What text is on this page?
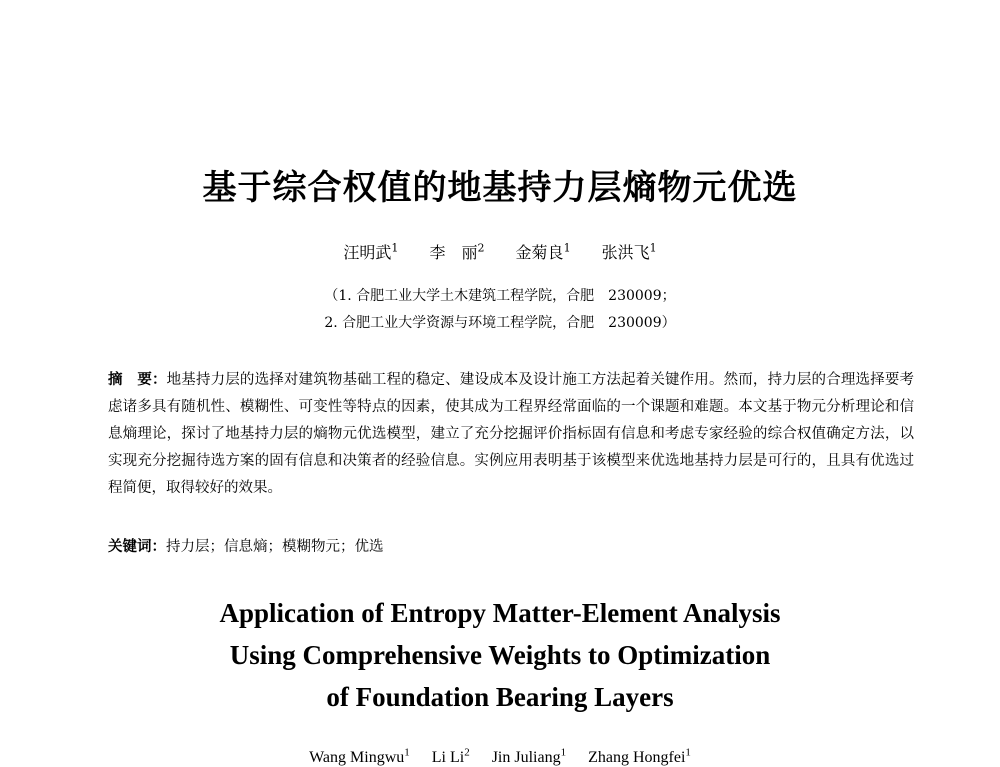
基于综合权值的地基持力层熵物元优选
汪明武$^1$ 李　丽$^2$ 金菊良$^1$ 张洪飞$^1$
（1. 合肥工业大学土木建筑工程学院，合肥　230009；
2. 合肥工业大学资源与环境工程学院，合肥　230009）
摘　要：地基持力层的选择对建筑物基础工程的稳定、建设成本及设计施工方法起着关键作用。然而，持力层的合理选择要考虑诸多具有随机性、模糊性、可变性等特点的因素，使其成为工程界经常面临的一个课题和难题。本文基于物元分析理论和信息熵理论，探讨了地基持力层的熵物元优选模型，建立了充分挖掘评价指标固有信息和考虑专家经验的综合权值确定方法，以实现充分挖掘待选方案的固有信息和决策者的经验信息。实例应用表明基于该模型来优选地基持力层是可行的，且具有优选过程简便，取得较好的效果。
关键词：持力层；信息熵；模糊物元；优选
Application of Entropy Matter-Element Analysis
Using Comprehensive Weights to Optimization
of Foundation Bearing Layers
Wang Mingwu$^1$ Li Li$^2$ Jin Juliang$^1$ Zhang Hongfei$^1$
